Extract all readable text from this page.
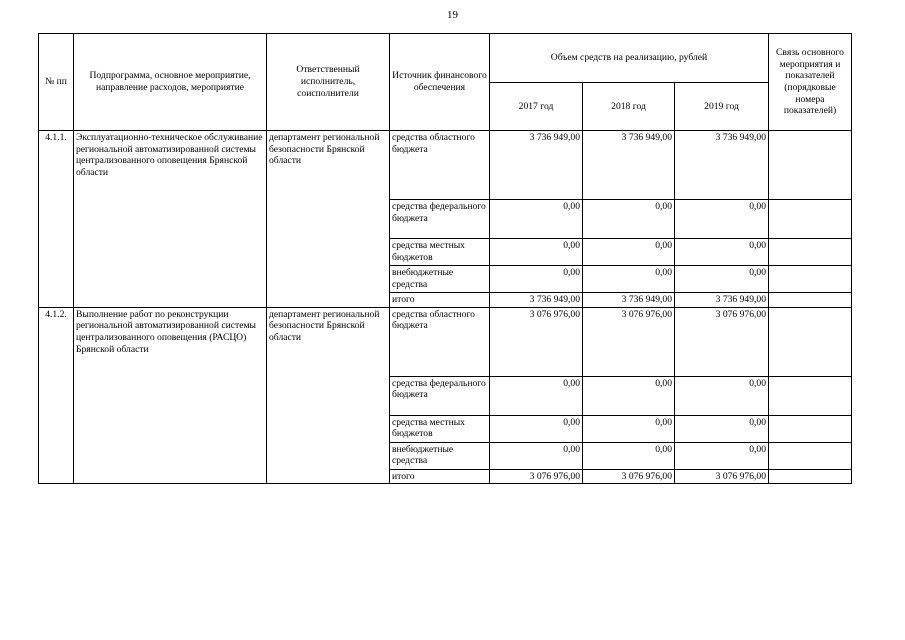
19
№ пп	Подпрограмма, основное мероприятие, направление расходов, мероприятие	Ответственный исполнитель, соисполнители	Источник финансового обеспечения	Объем средств на реализацию, рублей			Связь основного мероприятия и показателей (порядковые номера показателей)
				2017 год	2018 год	2019 год	
4.1.1.	Эксплуатационно-техническое обслуживание региональной автоматизированной системы централизованного оповещения Брянской области	департамент региональной безопасности Брянской области	средства областного бюджета	3 736 949,00	3 736 949,00	3 736 949,00	
			средства федерального бюджета	0,00	0,00	0,00	
			средства местных бюджетов	0,00	0,00	0,00	
			внебюджетные средства	0,00	0,00	0,00	
			итого	3 736 949,00	3 736 949,00	3 736 949,00	
4.1.2.	Выполнение работ по реконструкции региональной автоматизированной системы централизованного оповещения (РАСЦО) Брянской области	департамент региональной безопасности Брянской области	средства областного бюджета	3 076 976,00	3 076 976,00	3 076 976,00	
			средства федерального бюджета	0,00	0,00	0,00	
			средства местных бюджетов	0,00	0,00	0,00	
			внебюджетные средства	0,00	0,00	0,00	
			итого	3 076 976,00	3 076 976,00	3 076 976,00	
